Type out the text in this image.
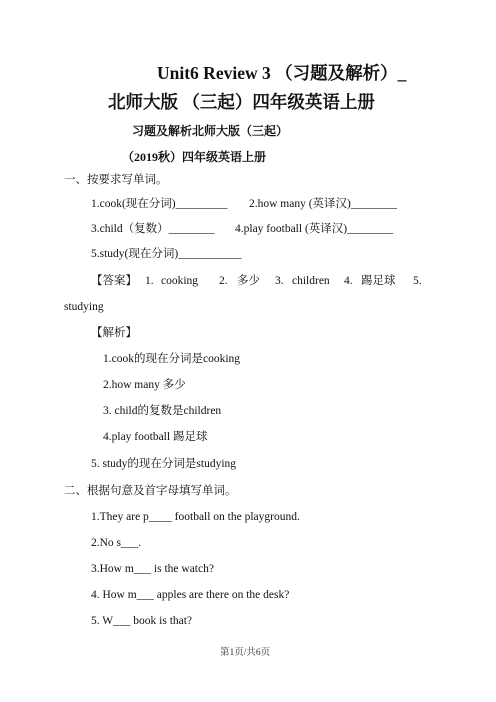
Unit6 Review 3 （习题及解析）_
北师大版 （三起）四年级英语上册
习题及解析北师大版（三起）
（2019秋）四年级英语上册
一、按要求写单词。
1.cook(现在分词)_________ 2.how many (英译汉)________
3.child（复数）________ 4.play football (英译汉)________
5.study(现在分词)___________
【答案】 1. cooking 2. 多少 3. children 4. 踢足球 5.
studying
【解析】
1.cook的现在分词是cooking
2.how many 多少
3. child的复数是children
4.play football 踢足球
5. study的现在分词是studying
二、根据句意及首字母填写单词。
1.They are p____ football on the playground.
2.No s___.
3.How m___ is the watch?
4. How m___ apples are there on the desk?
5. W___ book is that?
第1页/共6页
